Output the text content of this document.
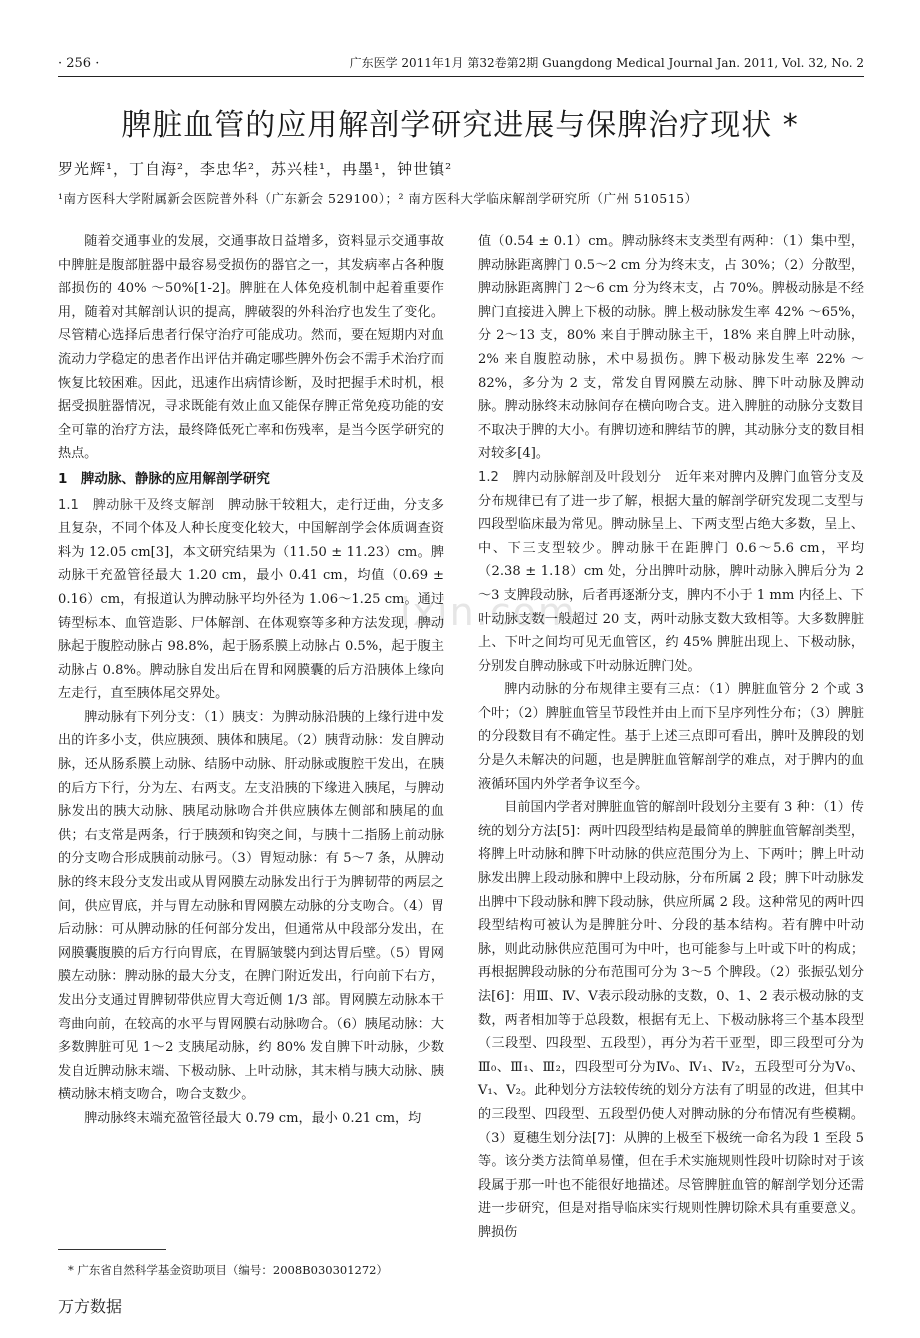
· 256 ·	广东医学 2011年1月 第32卷第2期 Guangdong Medical Journal Jan. 2011, Vol. 32, No. 2
脾脏血管的应用解剖学研究进展与保脾治疗现状 *
罗光辉¹，丁自海²，李忠华²，苏兴桂¹，冉墨¹，钟世镇²
¹南方医科大学附属新会医院普外科（广东新会 529100）；² 南方医科大学临床解剖学研究所（广州 510515）
ixin.com

随着交通事业的发展，交通事故日益增多，资料显示交通事故中脾脏是腹部脏器中最容易受损伤的器官之一，其发病率占各种腹部损伤的 40% ～50%[1-2]。脾脏在人体免疫机制中起着重要作用，随着对其解剖认识的提高，脾破裂的外科治疗也发生了变化。尽管精心选择后患者行保守治疗可能成功。然而，要在短期内对血流动力学稳定的患者作出评估并确定哪些脾外伤会不需手术治疗而恢复比较困难。因此，迅速作出病情诊断，及时把握手术时机，根据受损脏器情况，寻求既能有效止血又能保存脾正常免疫功能的安全可靠的治疗方法，最终降低死亡率和伤残率，是当今医学研究的热点。

1　脾动脉、静脉的应用解剖学研究

1.1　脾动脉干及终支解剖　 脾动脉干较粗大，走行迂曲，分支多且复杂，不同个体及人种长度变化较大，中国解剖学会体质调查资料为 12.05 cm[3]，本文研究结果为（11.50 ± 11.23）cm。脾动脉干充盈管径最大 1.20 cm，最小 0.41 cm，均值（0.69 ± 0.16）cm，有报道认为脾动脉平均外径为 1.06～1.25 cm。通过铸型标本、血管造影、尸体解剖、在体观察等多种方法发现，脾动脉起于腹腔动脉占 98.8%，起于肠系膜上动脉占 0.5%，起于腹主动脉占 0.8%。脾动脉自发出后在胃和网膜囊的后方沿胰体上缘向左走行，直至胰体尾交界处。

脾动脉有下列分支：（1）胰支：为脾动脉沿胰的上缘行进中发出的许多小支，供应胰颈、胰体和胰尾。（2）胰背动脉：发自脾动脉，还从肠系膜上动脉、结肠中动脉、肝动脉或腹腔干发出，在胰的后方下行，分为左、右两支。左支沿胰的下缘进入胰尾，与脾动脉发出的胰大动脉、胰尾动脉吻合并供应胰体左侧部和胰尾的血供；右支常是两条，行于胰颈和钩突之间，与胰十二指肠上前动脉的分支吻合形成胰前动脉弓。（3）胃短动脉：有 5～7 条，从脾动脉的终末段分支发出或从胃网膜左动脉发出行于为脾韧带的两层之间，供应胃底，并与胃左动脉和胃网膜左动脉的分支吻合。（4）胃后动脉：可从脾动脉的任何部分发出，但通常从中段部分发出，在网膜囊腹膜的后方行向胃底，在胃膈皱襞内到达胃后壁。（5）胃网膜左动脉：脾动脉的最大分支，在脾门附近发出，行向前下右方，发出分支通过胃脾韧带供应胃大弯近侧 1/3 部。胃网膜左动脉本干弯曲向前，在较高的水平与胃网膜右动脉吻合。（6）胰尾动脉：大多数脾脏可见 1～2 支胰尾动脉，约 80% 发自脾下叶动脉，少数发自近脾动脉末端、下极动脉、上叶动脉，其末梢与胰大动脉、胰横动脉末梢支吻合，吻合支数少。

脾动脉终末端充盈管径最大 0.79 cm，最小 0.21 cm，均

值（0.54 ± 0.1）cm。脾动脉终末支类型有两种：（1）集中型，脾动脉距离脾门 0.5～2 cm 分为终末支，占 30%；（2）分散型，脾动脉距离脾门 2～6 cm 分为终末支，占 70%。脾极动脉是不经脾门直接进入脾上下极的动脉。脾上极动脉发生率 42% ～65%，分 2～13 支，80% 来自于脾动脉主干，18% 来自脾上叶动脉，2% 来自腹腔动脉，术中易损伤。脾下极动脉发生率 22% ～82%，多分为 2 支，常发自胃网膜左动脉、脾下叶动脉及脾动脉。脾动脉终末动脉间存在横向吻合支。进入脾脏的动脉分支数目不取决于脾的大小。有脾切迹和脾结节的脾，其动脉分支的数目相对较多[4]。

1.2　脾内动脉解剖及叶段划分　 近年来对脾内及脾门血管分支及分布规律已有了进一步了解，根据大量的解剖学研究发现二支型与四段型临床最为常见。脾动脉呈上、下两支型占绝大多数，呈上、中、下三支型较少。脾动脉干在距脾门 0.6～5.6 cm，平均（2.38 ± 1.18）cm 处，分出脾叶动脉，脾叶动脉入脾后分为 2～3 支脾段动脉，后者再逐渐分支，脾内不小于 1 mm 内径上、下叶动脉支数一般超过 20 支，两叶动脉支数大致相等。大多数脾脏上、下叶之间均可见无血管区，约 45% 脾脏出现上、下极动脉，分别发自脾动脉或下叶动脉近脾门处。

脾内动脉的分布规律主要有三点：（1）脾脏血管分 2 个或 3 个叶；（2）脾脏血管呈节段性并由上而下呈序列性分布；（3）脾脏的分段数目有不确定性。基于上述三点即可看出，脾叶及脾段的划分是久未解决的问题，也是脾脏血管解剖学的难点，对于脾内的血液循环国内外学者争议至今。

目前国内学者对脾脏血管的解剖叶段划分主要有 3 种：（1）传统的划分方法[5]：两叶四段型结构是最简单的脾脏血管解剖类型，将脾上叶动脉和脾下叶动脉的供应范围分为上、下两叶；脾上叶动脉发出脾上段动脉和脾中上段动脉，分布所属 2 段；脾下叶动脉发出脾中下段动脉和脾下段动脉，供应所属 2 段。这种常见的两叶四段型结构可被认为是脾脏分叶、分段的基本结构。若有脾中叶动脉，则此动脉供应范围可为中叶，也可能参与上叶或下叶的构成；再根据脾段动脉的分布范围可分为 3～5 个脾段。（2）张振弘划分法[6]：用Ⅲ、Ⅳ、Ⅴ表示段动脉的支数，0、1、2 表示极动脉的支数，两者相加等于总段数，根据有无上、下极动脉将三个基本段型（三段型、四段型、五段型），再分为若干亚型，即三段型可分为Ⅲ₀、Ⅲ₁、Ⅲ₂，四段型可分为Ⅳ₀、Ⅳ₁、Ⅳ₂，五段型可分为Ⅴ₀、Ⅴ₁、Ⅴ₂。此种划分方法较传统的划分方法有了明显的改进，但其中的三段型、四段型、五段型仍使人对脾动脉的分布情况有些模糊。（3）夏穗生划分法[7]：从脾的上极至下极统一命名为段 1 至段 5 等。该分类方法简单易懂，但在手术实施规则性段叶切除时对于该段属于那一叶也不能很好地描述。尽管脾脏血管的解剖学划分还需进一步研究，但是对指导临床实行规则性脾切除术具有重要意义。脾损伤

* 广东省自然科学基金资助项目（编号：2008B030301272）
万方数据
